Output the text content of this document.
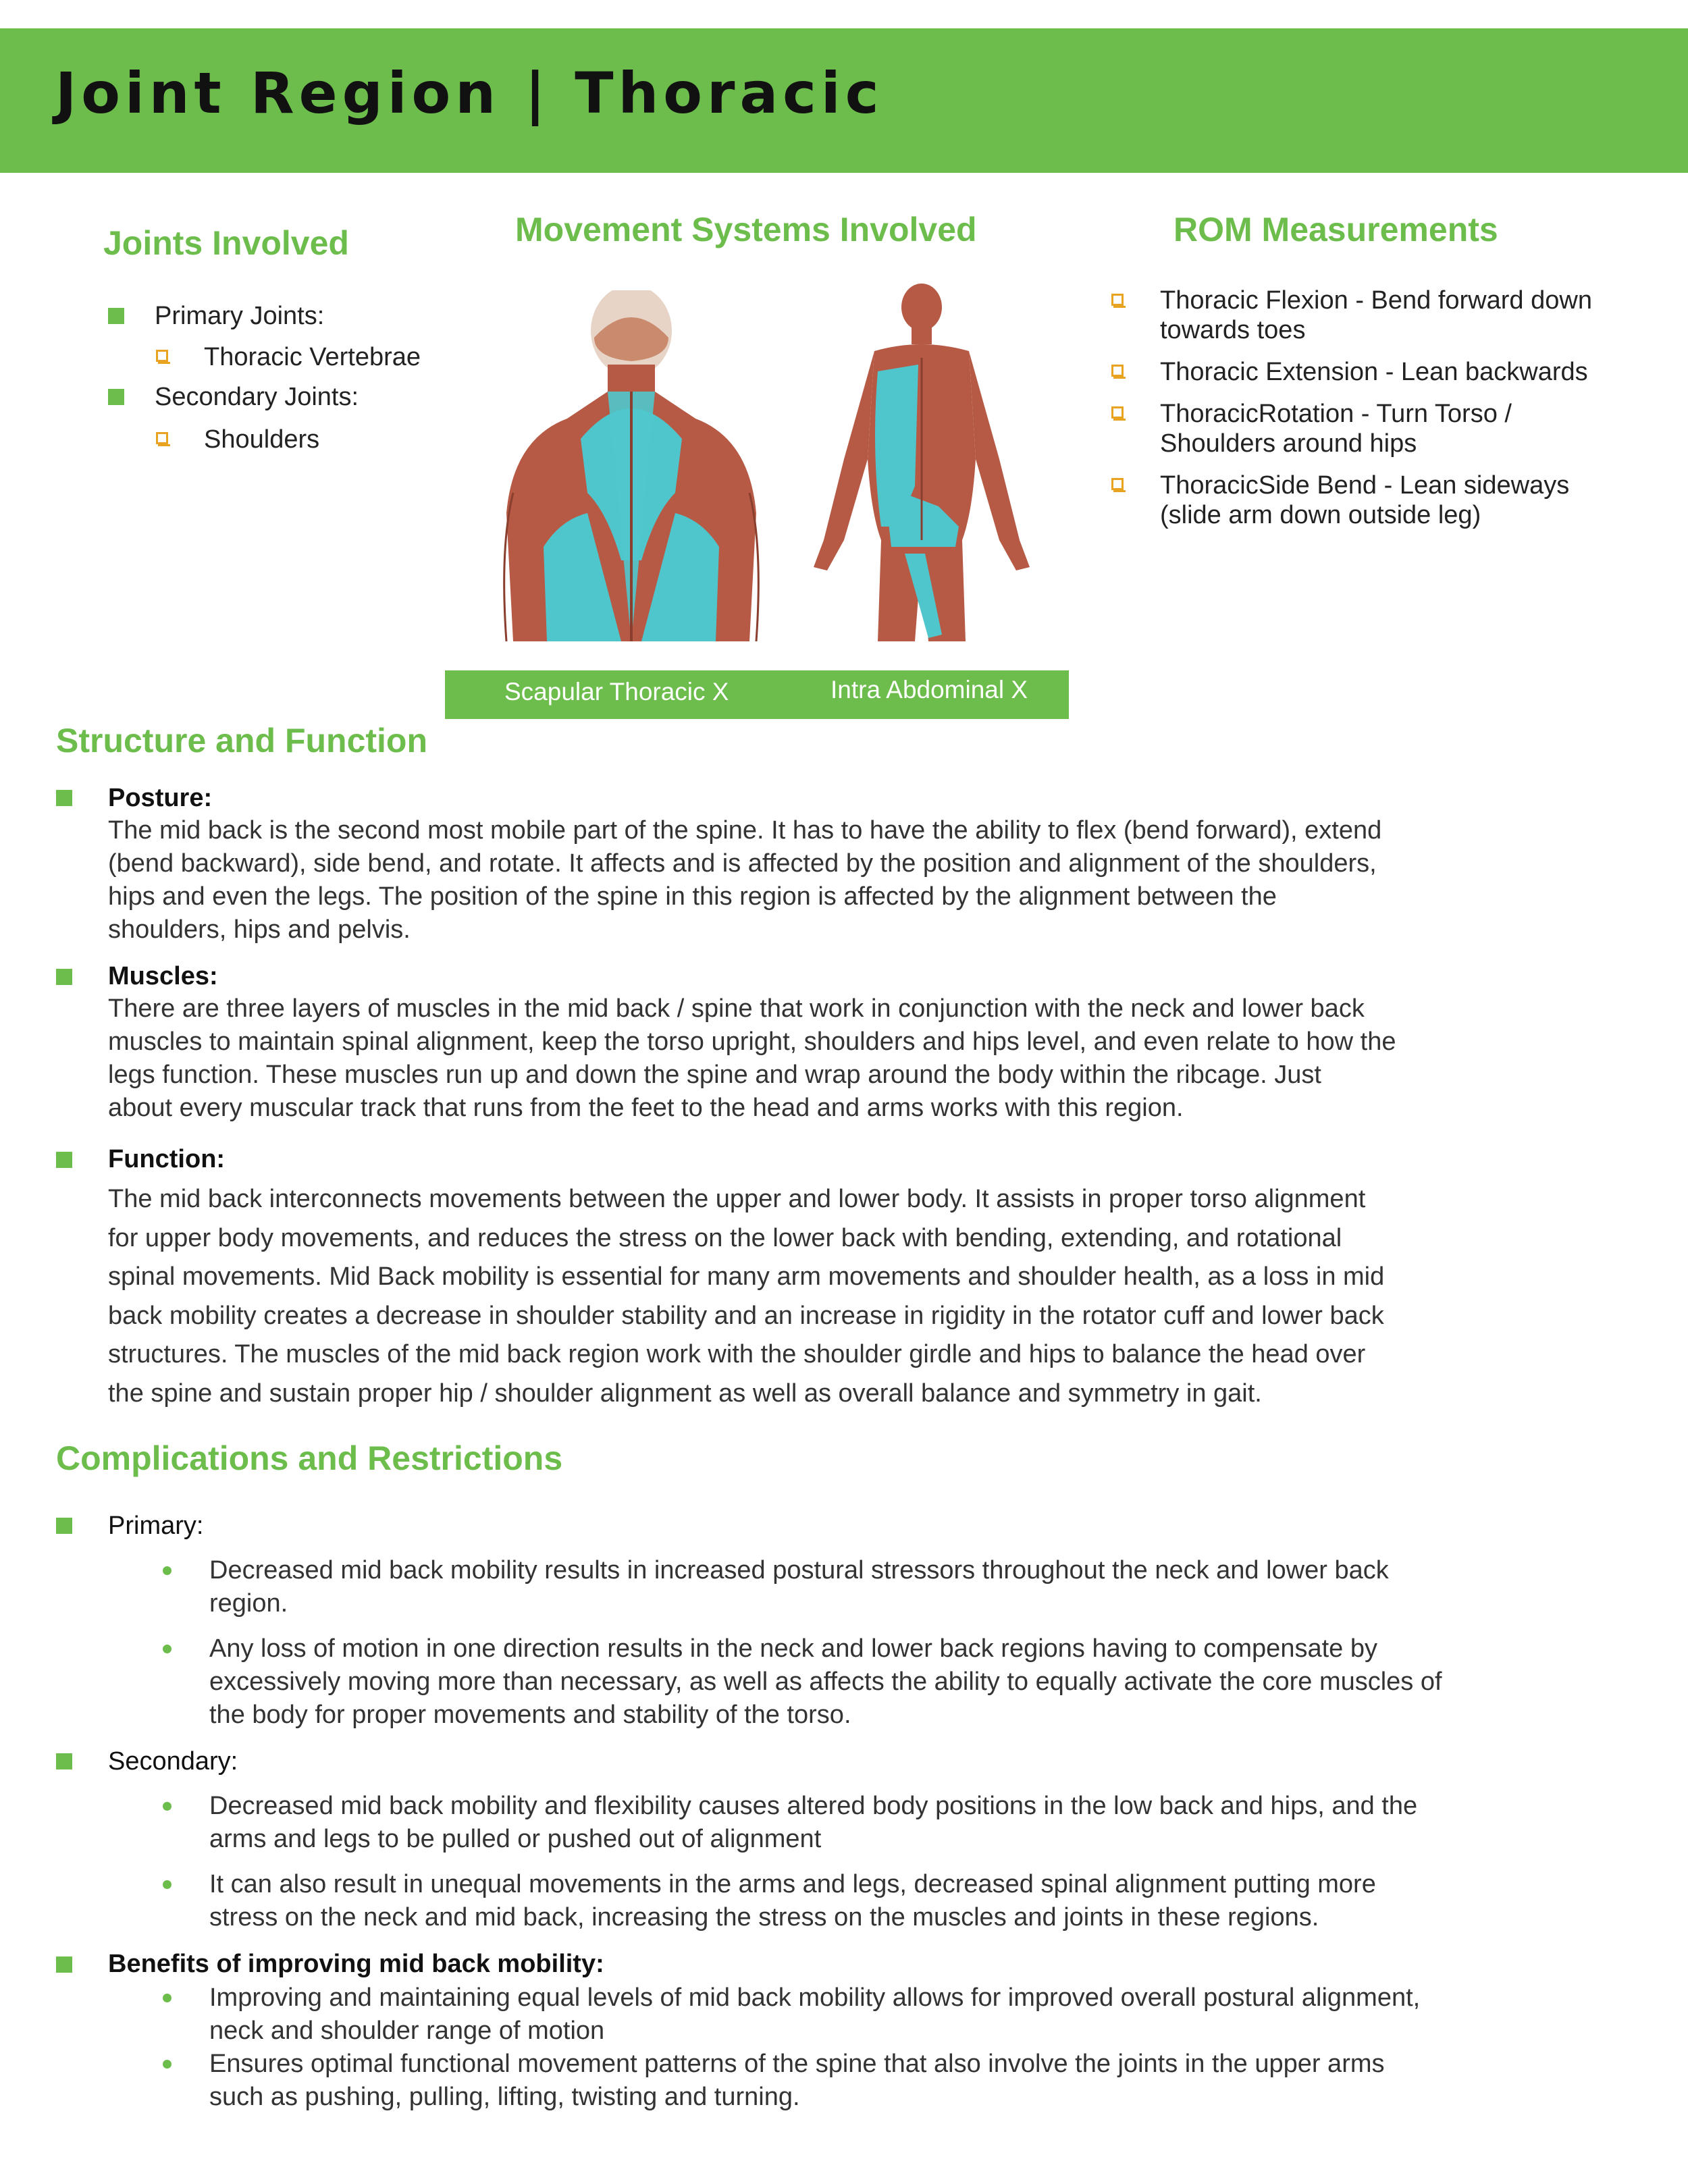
Joint Region | Thoracic
Joints Involved

Primary Joints:

Thoracic Vertebrae

Secondary Joints:

Shoulders

Movement Systems Involved

Scapular Thoracic X	Intra Abdominal X

ROM Measurements

Thoracic Flexion - Bend forward down

towards toes

Thoracic Extension - Lean backwards

ThoracicRotation - Turn Torso /

Shoulders around hips

ThoracicSide Bend - Lean sideways

(slide arm down outside leg)

Structure and Function

Posture:

The mid back is the second most mobile part of the spine. It has to have the ability to flex (bend forward), extend

(bend backward), side bend, and rotate. It affects and is affected by the position and alignment of the shoulders,

hips and even the legs. The position of the spine in this region is affected by the alignment between the

shoulders, hips and pelvis.

Muscles:

There are three layers of muscles in the mid back / spine that work in conjunction with the neck and lower back

muscles to maintain spinal alignment, keep the torso upright, shoulders and hips level, and even relate to how the

legs function. These muscles run up and down the spine and wrap around the body within the ribcage. Just

about every muscular track that runs from the feet to the head and arms works with this region.

Function:

The mid back interconnects movements between the upper and lower body. It assists in proper torso alignment

for upper body movements, and reduces the stress on the lower back with bending, extending, and rotational

spinal movements. Mid Back mobility is essential for many arm movements and shoulder health, as a loss in mid

back mobility creates a decrease in shoulder stability and an increase in rigidity in the rotator cuff and lower back

structures. The muscles of the mid back region work with the shoulder girdle and hips to balance the head over

the spine and sustain proper hip / shoulder alignment as well as overall balance and symmetry in gait.

Complications and Restrictions

Primary:

Decreased mid back mobility results in increased postural stressors throughout the neck and lower back

region.

Any loss of motion in one direction results in the neck and lower back regions having to compensate by

excessively moving more than necessary, as well as affects the ability to equally activate the core muscles of

the body for proper movements and stability of the torso.

Secondary:

Decreased mid back mobility and flexibility causes altered body positions in the low back and hips, and the

arms and legs to be pulled or pushed out of alignment

It can also result in unequal movements in the arms and legs, decreased spinal alignment putting more

stress on the neck and mid back, increasing the stress on the muscles and joints in these regions.

Benefits of improving mid back mobility:

Improving and maintaining equal levels of mid back mobility allows for improved overall postural alignment,

neck and shoulder range of motion

Ensures optimal functional movement patterns of the spine that also involve the joints in the upper arms

such as pushing, pulling, lifting, twisting and turning.
